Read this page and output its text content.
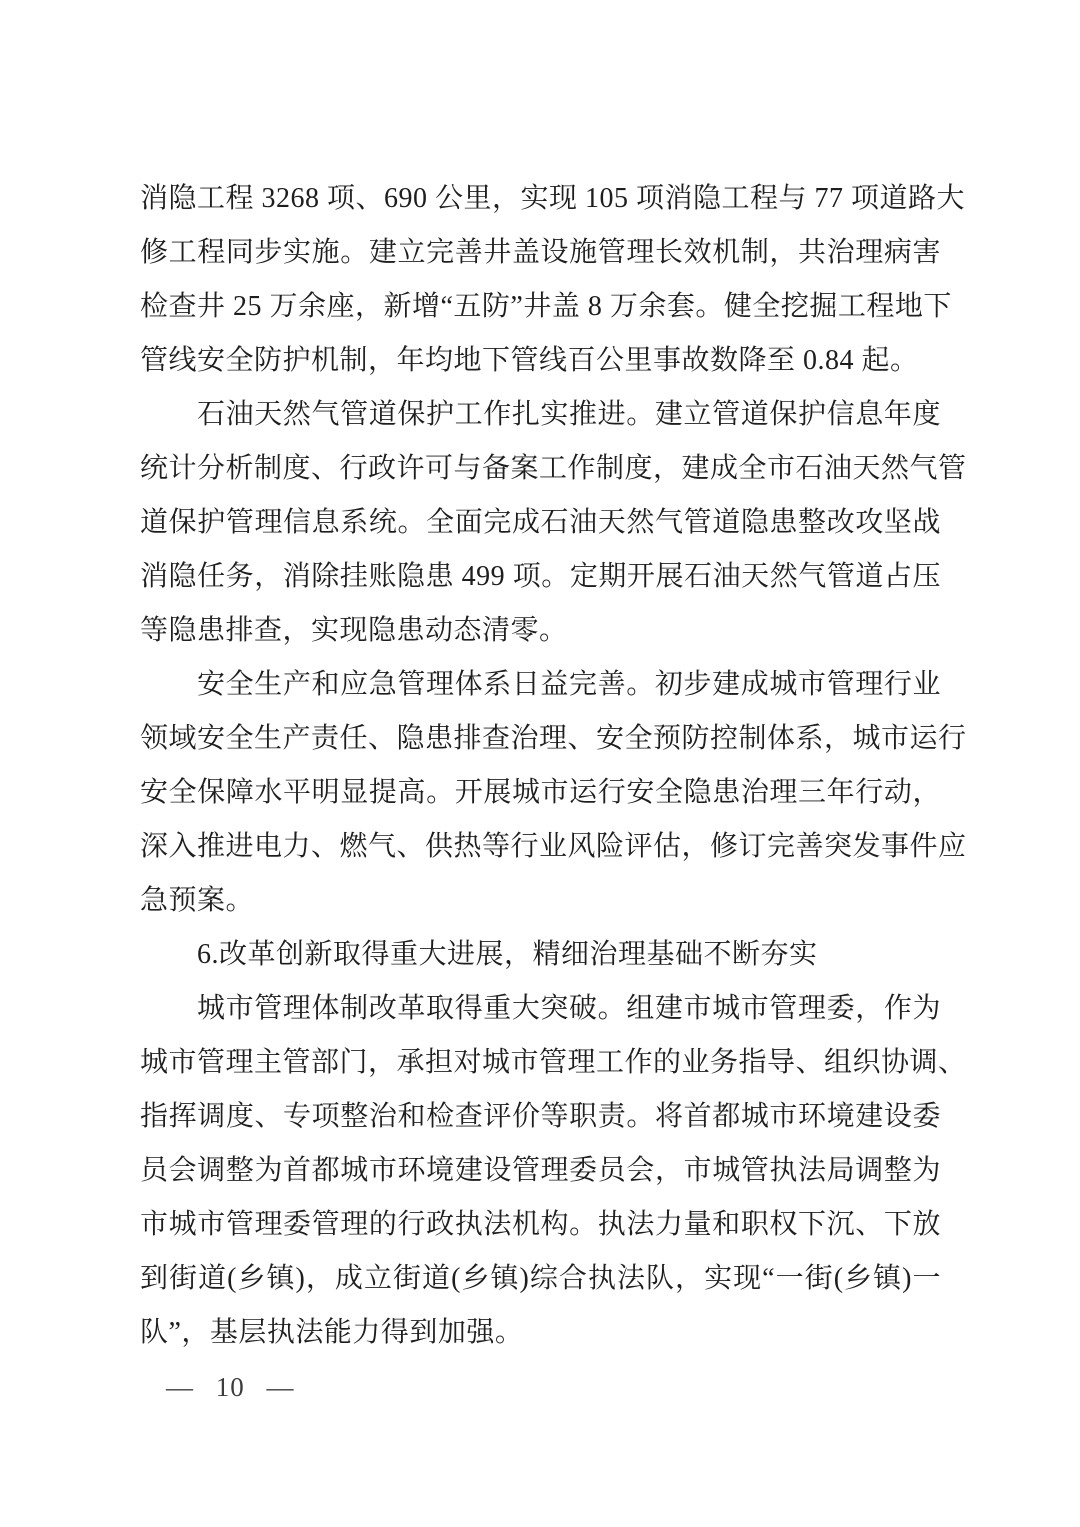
消隐工程 3268 项、690 公里，实现 105 项消隐工程与 77 项道路大
修工程同步实施。建立完善井盖设施管理长效机制，共治理病害
检查井 25 万余座，新增“五防”井盖 8 万余套。健全挖掘工程地下
管线安全防护机制，年均地下管线百公里事故数降至 0.84 起。
石油天然气管道保护工作扎实推进。建立管道保护信息年度
统计分析制度、行政许可与备案工作制度，建成全市石油天然气管
道保护管理信息系统。全面完成石油天然气管道隐患整改攻坚战
消隐任务，消除挂账隐患 499 项。定期开展石油天然气管道占压
等隐患排查，实现隐患动态清零。
安全生产和应急管理体系日益完善。初步建成城市管理行业
领域安全生产责任、隐患排查治理、安全预防控制体系，城市运行
安全保障水平明显提高。开展城市运行安全隐患治理三年行动，
深入推进电力、燃气、供热等行业风险评估，修订完善突发事件应
急预案。
6.改革创新取得重大进展，精细治理基础不断夯实
城市管理体制改革取得重大突破。组建市城市管理委，作为
城市管理主管部门，承担对城市管理工作的业务指导、组织协调、
指挥调度、专项整治和检查评价等职责。将首都城市环境建设委
员会调整为首都城市环境建设管理委员会，市城管执法局调整为
市城市管理委管理的行政执法机构。执法力量和职权下沉、下放
到街道(乡镇)，成立街道(乡镇)综合执法队，实现“一街(乡镇)一
队”，基层执法能力得到加强。
— 10 —
